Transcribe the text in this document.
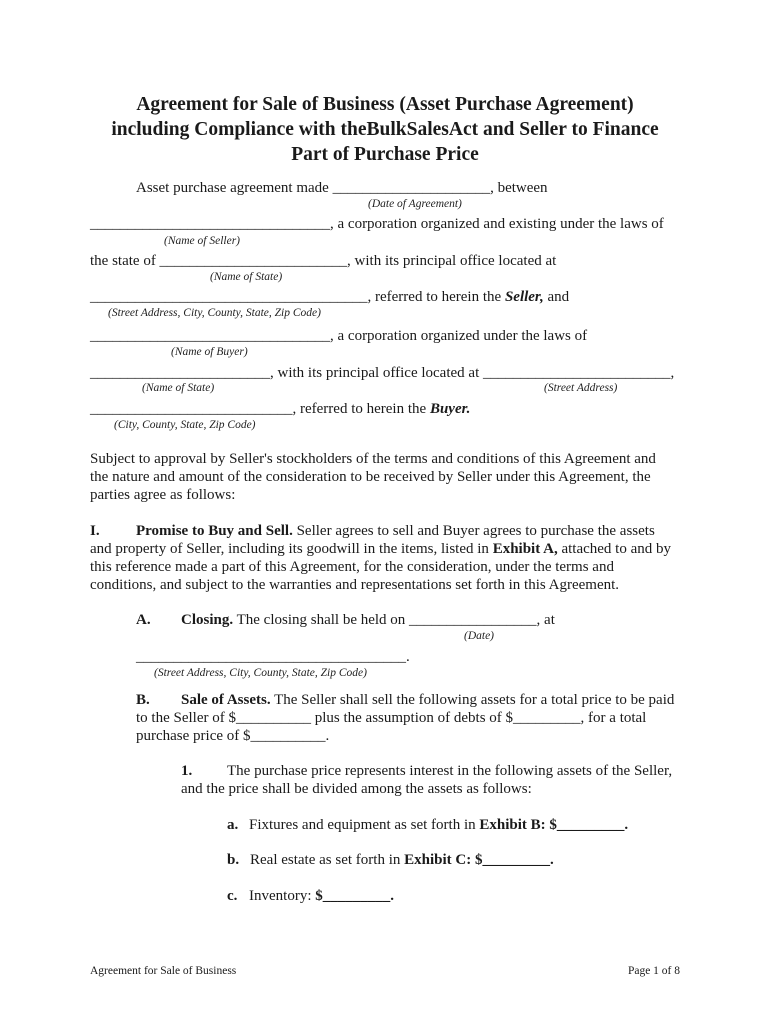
Agreement for Sale of Business (Asset Purchase Agreement)
including Compliance with theBulkSalesAct and Seller to Finance
Part of Purchase Price
Asset purchase agreement made _____________________, between
(Date of Agreement)
________________________________, a corporation organized and existing under the laws of
(Name of Seller)
the state of _________________________, with its principal office located at
(Name of State)
_____________________________________, referred to herein the Seller, and
(Street Address, City, County, State, Zip Code)
________________________________, a corporation organized under the laws of
(Name of Buyer)
________________________, with its principal office located at _________________________,
(Name of State)	(Street Address)
___________________________, referred to herein the Buyer.
(City, County, State, Zip Code)
Subject to approval by Seller's stockholders of the terms and conditions of this Agreement and
the nature and amount of the consideration to be received by Seller under this Agreement, the
parties agree as follows:
I. Promise to Buy and Sell. Seller agrees to sell and Buyer agrees to purchase the assets
and property of Seller, including its goodwill in the items, listed in Exhibit A, attached to and by
this reference made a part of this Agreement, for the consideration, under the terms and
conditions, and subject to the warranties and representations set forth in this Agreement.
A. Closing. The closing shall be held on _________________, at
(Date)
____________________________________.
(Street Address, City, County, State, Zip Code)
B. Sale of Assets. The Seller shall sell the following assets for a total price to be paid
to the Seller of $__________ plus the assumption of debts of $_________, for a total
purchase price of $__________.
1. The purchase price represents interest in the following assets of the Seller,
and the price shall be divided among the assets as follows:
a. Fixtures and equipment as set forth in Exhibit B: $_________.
b. Real estate as set forth in Exhibit C: $_________.
c. Inventory: $_________.
Agreement for Sale of Business	Page 1 of 8
